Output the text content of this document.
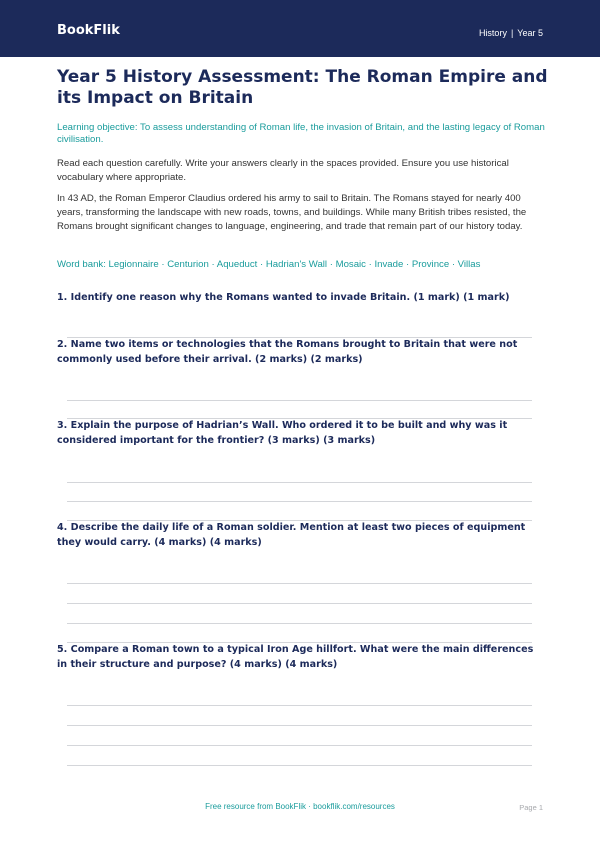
BookFlik	History | Year 5
Year 5 History Assessment: The Roman Empire and its Impact on Britain

Learning objective: To assess understanding of Roman life, the invasion of Britain, and the lasting legacy of Roman civilisation.

Read each question carefully. Write your answers clearly in the spaces provided. Ensure you use historical vocabulary where appropriate.

In 43 AD, the Roman Emperor Claudius ordered his army to sail to Britain. The Romans stayed for nearly 400 years, transforming the landscape with new roads, towns, and buildings. While many British tribes resisted, the Romans brought significant changes to language, engineering, and trade that remain part of our history today.

Word bank: Legionnaire · Centurion · Aqueduct · Hadrian's Wall · Mosaic · Invade · Province · Villas

1. Identify one reason why the Romans wanted to invade Britain. (1 mark) (1 mark)
2. Name two items or technologies that the Romans brought to Britain that were not commonly used before their arrival. (2 marks) (2 marks)
3. Explain the purpose of Hadrian’s Wall. Who ordered it to be built and why was it considered important for the frontier? (3 marks) (3 marks)
4. Describe the daily life of a Roman soldier. Mention at least two pieces of equipment they would carry. (4 marks) (4 marks)
5. Compare a Roman town to a typical Iron Age hillfort. What were the main differences in their structure and purpose? (4 marks) (4 marks)
Free resource from BookFlik · bookflik.com/resources	Page 1
